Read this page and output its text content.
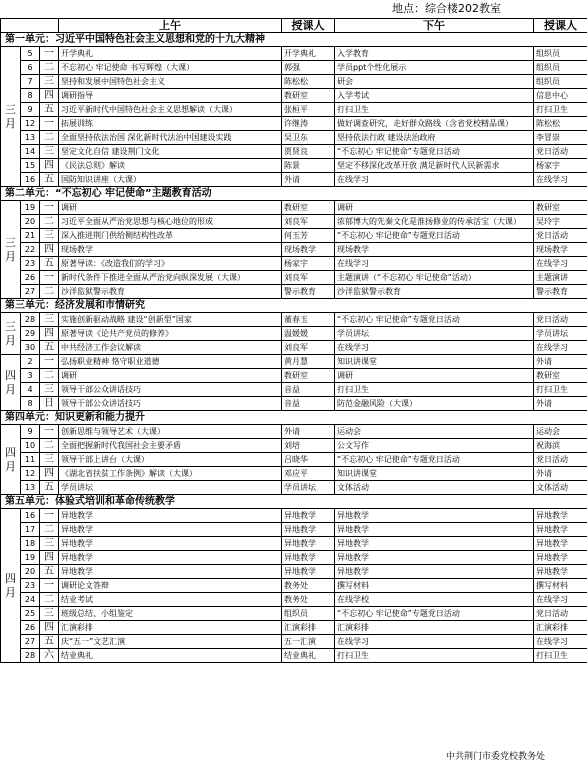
地点：综合楼202教室
			上午	授课人	下午	授课人
第一单元：习近平中国特色社会主义思想和党的十九大精神						
三月	5	一	开学典礼	开学典礼	入学教育	组织员
	6	二	不忘初心 牢记使命 书写辉煌（大课）	郭强	学员ppt个性化展示	组织员
	7	三	坚持和发展中国特色社会主义	陈松松	研会	组织员
	8	四	调研指导	教研室	入学考试	信息中心
	9	五	习近平新时代中国特色社会主义思想解读（大课）	张桓平	打扫卫生	打扫卫生
	12	一	拓展训练	许继涛	做好调查研究，走好群众路线（含省党校精品课）	陈松松
	13	二	全面坚持依法治国 深化新时代法治中国建设实践	吴卫东	坚持依法行政 建设法治政府	李冒崇
	14	三	坚定文化自信 建设荆门文化	贾贤良	“不忘初心 牢记使命”专题党日活动	党日活动
	15	四	《民法总则》解读	陈景	坚定不移深化改革开放 满足新时代人民新需求	杨家宇
	16	五	国防知识讲座（大课）	外请	在线学习	在线学习
第二单元：“不忘初心 牢记使命”主题教育活动						
三月	19	一	调研	教研室	调研	教研室
	20	二	习近平全面从严治党思想与核心地位的形成	刘良军	浓郁博大的先秦文化是淮扬修业的传承活宝（大课）	吴玲宇
	21	三	深入推进荆门供给侧结构性改革	何玉芳	“不忘初心 牢记使命”专题党日活动	党日活动
	22	四	现场教学	现场教学	现场教学	现场教学
	23	五	原著导读：《改造我们的学习》	杨家宇	在线学习	在线学习
	26	一	新时代条件下推进全面从严治党向纵深发展（大课）	刘良军	主题演讲（“不忘初心 牢记使命”活动）	主题演讲
	27	二	沙洋监狱警示教育	警示教育	沙洋监狱警示教育	警示教育
第三单元：经济发展和市情研究						
三月	28	三	实施创新驱动战略 建设“创新型”国家	董春玉	“不忘初心 牢记使命”专题党日活动	党日活动
	29	四	原著导读《论共产党员的修养》	温媛媛	学员讲坛	学员讲坛
	30	五	中共经济工作会议解读	刘良军	在线学习	在线学习
四月	2	一	弘扬职业精神 恪守职业道德	黄月慧	知识讲课堂	外请
	3	二	调研	教研室	调研	教研室
	4	三	领导干部公众讲话技巧	音益	打扫卫生	打扫卫生
	8	日	领导干部公众讲话技巧	音益	防范金融风险（大课）	外请
第四单元：知识更新和能力提升						
四月	9	一	创新思维与领导艺术（大课）	外请	运动会	运动会
	10	二	全面把握新时代我国社会主要矛盾	刘培	公文写作	祝海滨
	11	三	领导干部上讲台（大课）	吕晓华	“不忘初心 牢记使命”专题党日活动	党日活动
	12	四	《湖北省扶贫工作条例》解读（大课）	邓应平	知识讲课堂	外请
	13	五	学员讲坛	学员讲坛	文体活动	文体活动
第五单元：体验式培训和革命传统教学						
四月	16	一	异地教学	异地教学	异地教学	异地教学
	17	二	异地教学	异地教学	异地教学	异地教学
	18	三	异地教学	异地教学	异地教学	异地教学
	19	四	异地教学	异地教学	异地教学	异地教学
	20	五	异地教学	异地教学	异地教学	异地教学
	23	一	调研论文答辩	教务处	撰写材料	撰写材料
	24	二	结业考试	教务处	在线学校	在线学习
	25	三	班级总结、小组鉴定	组织员	“不忘初心 牢记使命”专题党日活动	党日活动
	26	四	汇演彩排	汇演彩排	汇演彩排	汇演彩排
	27	五	庆“五一”文艺汇演	五一汇演	在线学习	在线学习
	28	六	结业典礼	结业典礼	打扫卫生	打扫卫生
中共荆门市委党校教务处
